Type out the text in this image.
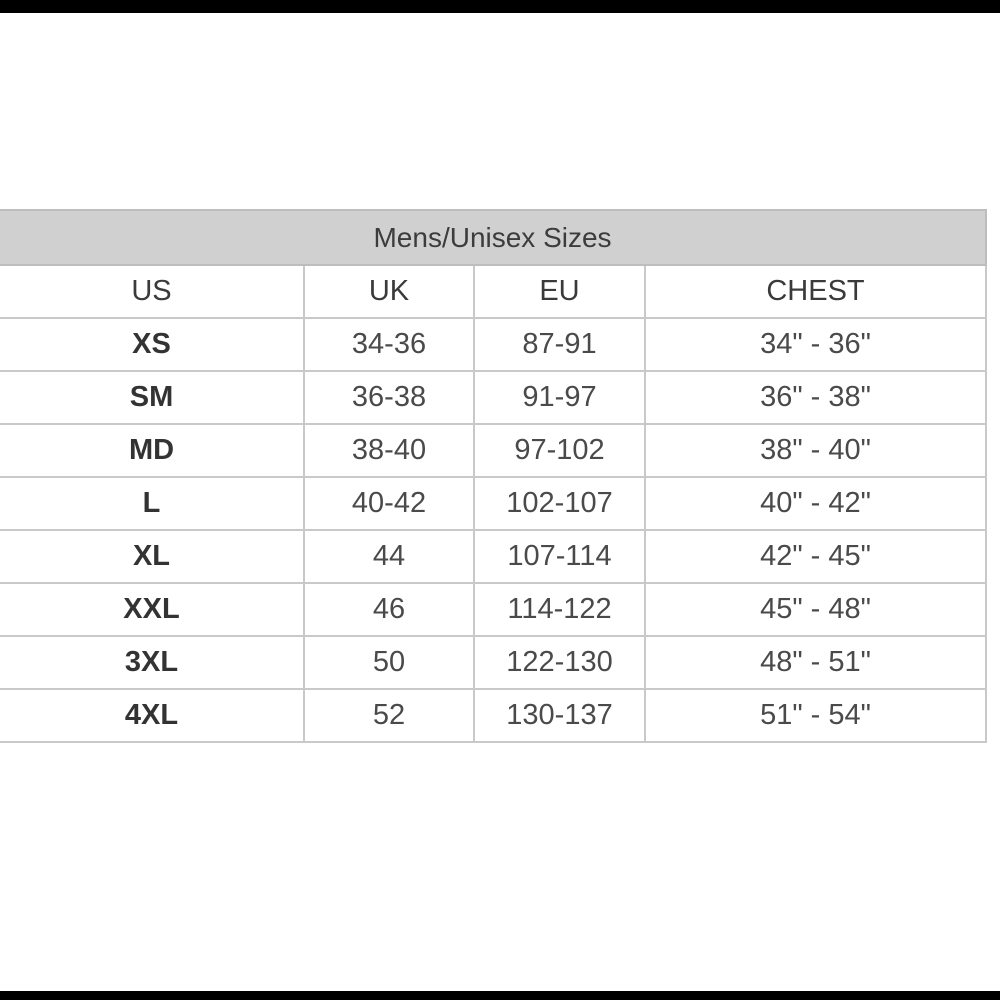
Mens/Unisex Sizes			
US	UK	EU	CHEST
XS	34-36	87-91	34" - 36"
SM	36-38	91-97	36" - 38"
MD	38-40	97-102	38" - 40"
L	40-42	102-107	40" - 42"
XL	44	107-114	42" - 45"
XXL	46	114-122	45" - 48"
3XL	50	122-130	48" - 51"
4XL	52	130-137	51" - 54"
